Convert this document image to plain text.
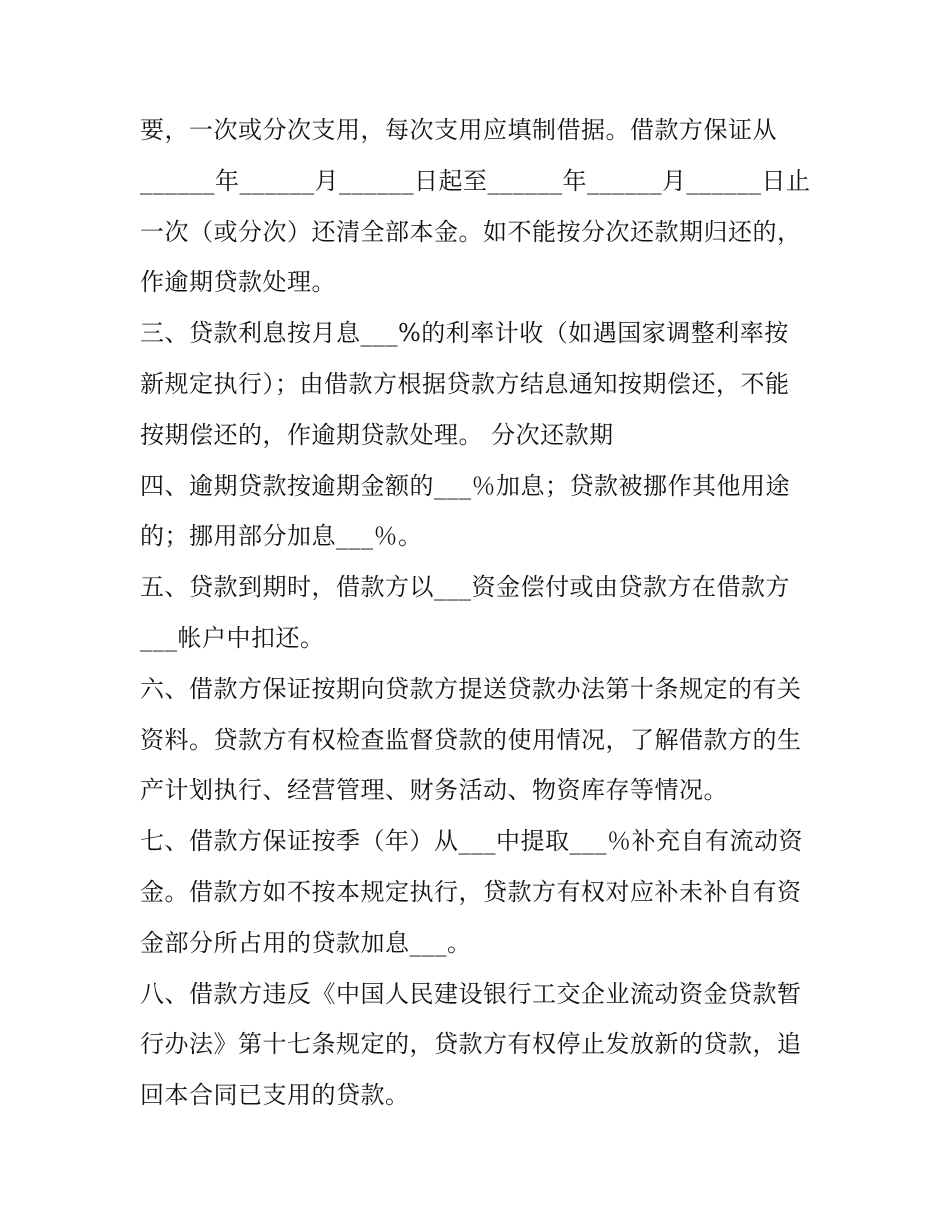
要，一次或分次支用，每次支用应填制借据。借款方保证从
______年______月______日起至______年______月______日止
一次（或分次）还清全部本金。如不能按分次还款期归还的，
作逾期贷款处理。
三、贷款利息按月息___%的利率计收（如遇国家调整利率按
新规定执行）；由借款方根据贷款方结息通知按期偿还，不能
按期偿还的，作逾期贷款处理。 分次还款期
四、逾期贷款按逾期金额的___％加息；贷款被挪作其他用途
的；挪用部分加息___％。
五、贷款到期时，借款方以___资金偿付或由贷款方在借款方
___帐户中扣还。
六、借款方保证按期向贷款方提送贷款办法第十条规定的有关
资料。贷款方有权检查监督贷款的使用情况，了解借款方的生
产计划执行、经营管理、财务活动、物资库存等情况。
七、借款方保证按季（年）从___中提取___％补充自有流动资
金。借款方如不按本规定执行，贷款方有权对应补未补自有资
金部分所占用的贷款加息___。
八、借款方违反《中国人民建设银行工交企业流动资金贷款暂
行办法》第十七条规定的，贷款方有权停止发放新的贷款，追
回本合同已支用的贷款。
